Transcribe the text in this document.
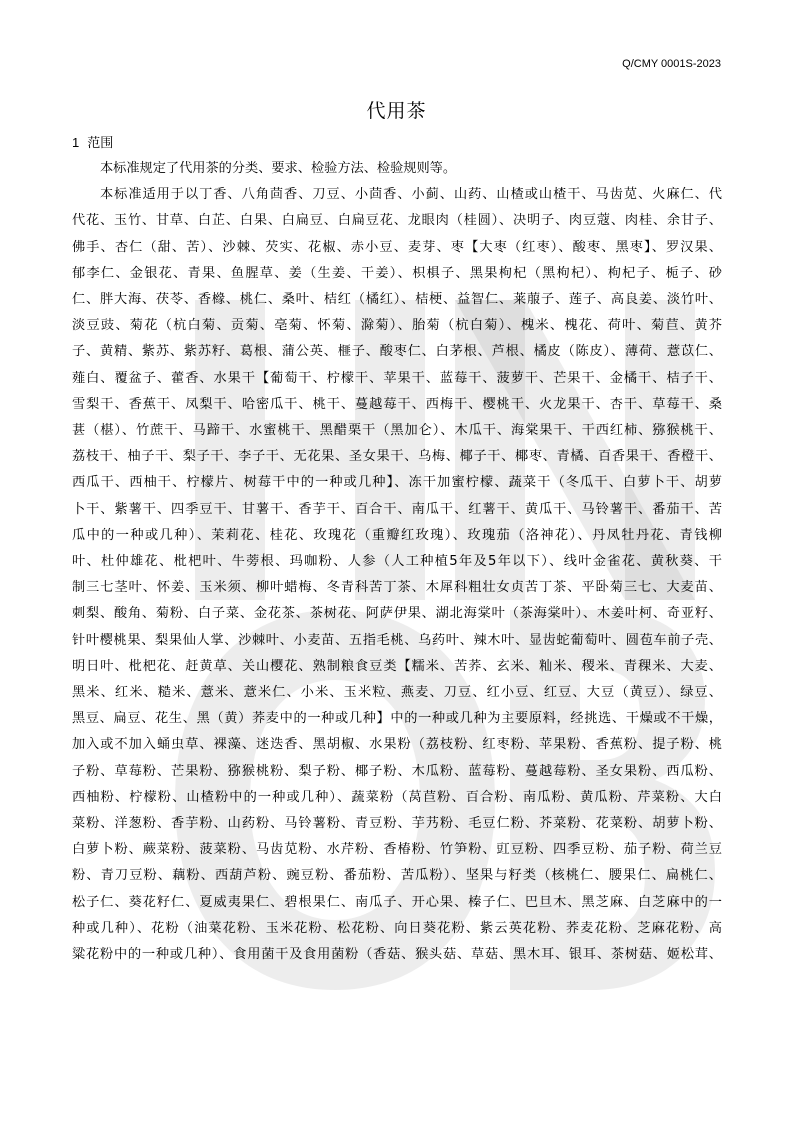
Q/CMY 0001S-2023
代用茶
1 范围

本标准规定了代用茶的分类、要求、检验方法、检验规则等。

本标准适用于以丁香、八角茴香、刀豆、小茴香、小蓟、山药、山楂或山楂干、马齿苋、火麻仁、代
代花、玉竹、甘草、白芷、白果、白扁豆、白扁豆花、龙眼肉（桂圆）、决明子、肉豆蔻、肉桂、余甘子、
佛手、杏仁（甜、苦）、沙棘、芡实、花椒、赤小豆、麦芽、枣【大枣（红枣）、酸枣、黑枣】、罗汉果、
郁李仁、金银花、青果、鱼腥草、姜（生姜、干姜）、枳椇子、黑果枸杞（黑枸杞）、枸杞子、栀子、砂
仁、胖大海、茯苓、香橼、桃仁、桑叶、桔红（橘红）、桔梗、益智仁、莱菔子、莲子、高良姜、淡竹叶、
淡豆豉、菊花（杭白菊、贡菊、亳菊、怀菊、滁菊）、胎菊（杭白菊）、槐米、槐花、荷叶、菊苣、黄芥
子、黄精、紫苏、紫苏籽、葛根、蒲公英、榧子、酸枣仁、白茅根、芦根、橘皮（陈皮）、薄荷、薏苡仁、
薤白、覆盆子、藿香、水果干【葡萄干、柠檬干、苹果干、蓝莓干、菠萝干、芒果干、金橘干、桔子干、
雪梨干、香蕉干、凤梨干、哈密瓜干、桃干、蔓越莓干、西梅干、樱桃干、火龙果干、杏干、草莓干、桑
葚（椹）、竹蔗干、马蹄干、水蜜桃干、黑醋栗干（黑加仑）、木瓜干、海棠果干、干西红柿、猕猴桃干、
荔枝干、柚子干、梨子干、李子干、无花果、圣女果干、乌梅、椰子干、椰枣、青橘、百香果干、香橙干、
西瓜干、西柚干、柠檬片、树莓干中的一种或几种】、冻干加蜜柠檬、蔬菜干（冬瓜干、白萝卜干、胡萝
卜干、紫薯干、四季豆干、甘薯干、香芋干、百合干、南瓜干、红薯干、黄瓜干、马铃薯干、番茄干、苦
瓜中的一种或几种）、茉莉花、桂花、玫瑰花（重瓣红玫瑰）、玫瑰茄（洛神花）、丹凤牡丹花、青钱柳
叶、杜仲雄花、枇杷叶、牛蒡根、玛咖粉、人参（人工种植5年及5年以下）、线叶金雀花、黄秋葵、干
制三七茎叶、怀姜、玉米须、柳叶蜡梅、冬青科苦丁茶、木犀科粗壮女贞苦丁茶、平卧菊三七、大麦苗、
刺梨、酸角、菊粉、白子菜、金花茶、茶树花、阿萨伊果、湖北海棠叶（茶海棠叶）、木姜叶柯、奇亚籽、
针叶樱桃果、梨果仙人掌、沙棘叶、小麦苗、五指毛桃、乌药叶、辣木叶、显齿蛇葡萄叶、圆苞车前子壳、
明日叶、枇杷花、赶黄草、关山樱花、熟制粮食豆类【糯米、苦荞、玄米、籼米、稷米、青稞米、大麦、
黑米、红米、糙米、薏米、薏米仁、小米、玉米粒、燕麦、刀豆、红小豆、红豆、大豆（黄豆）、绿豆、
黑豆、扁豆、花生、黑（黄）荞麦中的一种或几种】中的一种或几种为主要原料，经挑选、干燥或不干燥，
加入或不加入蛹虫草、裸藻、迷迭香、黑胡椒、水果粉（荔枝粉、红枣粉、苹果粉、香蕉粉、提子粉、桃
子粉、草莓粉、芒果粉、猕猴桃粉、梨子粉、椰子粉、木瓜粉、蓝莓粉、蔓越莓粉、圣女果粉、西瓜粉、
西柚粉、柠檬粉、山楂粉中的一种或几种）、蔬菜粉（莴苣粉、百合粉、南瓜粉、黄瓜粉、芹菜粉、大白
菜粉、洋葱粉、香芋粉、山药粉、马铃薯粉、青豆粉、芋艿粉、毛豆仁粉、芥菜粉、花菜粉、胡萝卜粉、
白萝卜粉、蕨菜粉、菠菜粉、马齿苋粉、水芹粉、香椿粉、竹笋粉、豇豆粉、四季豆粉、茄子粉、荷兰豆
粉、青刀豆粉、藕粉、西葫芦粉、豌豆粉、番茄粉、苦瓜粉）、坚果与籽类（核桃仁、腰果仁、扁桃仁、
松子仁、葵花籽仁、夏威夷果仁、碧根果仁、南瓜子、开心果、榛子仁、巴旦木、黑芝麻、白芝麻中的一
种或几种）、花粉（油菜花粉、玉米花粉、松花粉、向日葵花粉、紫云英花粉、荞麦花粉、芝麻花粉、高
粱花粉中的一种或几种）、食用菌干及食用菌粉（香菇、猴头菇、草菇、黑木耳、银耳、茶树菇、姬松茸、
